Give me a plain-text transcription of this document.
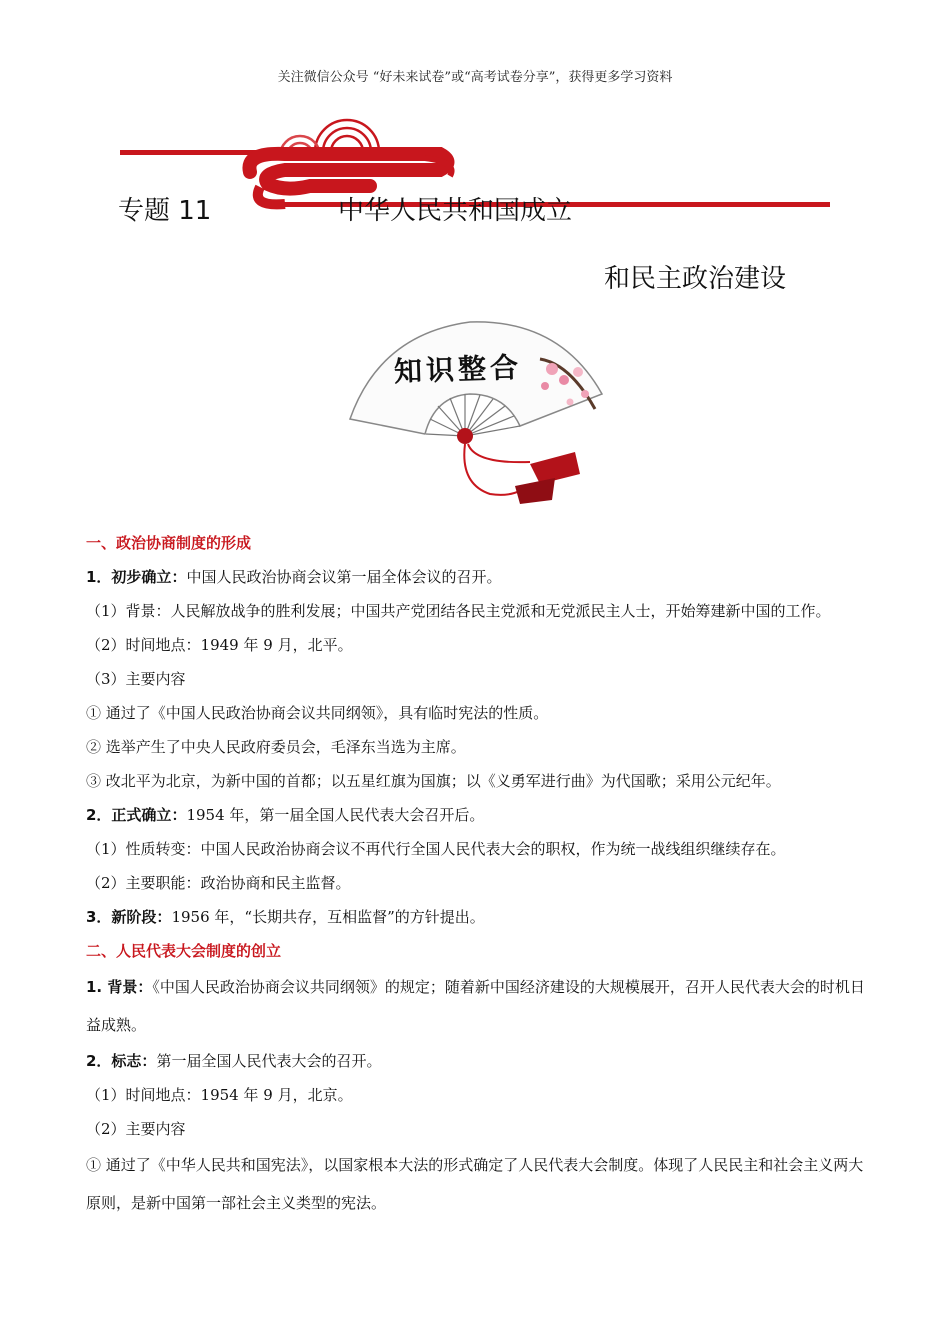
关注微信公众号 “好未来试卷”或“高考试卷分享”，获得更多学习资料
专题 11	中华人民共和国成立
和民主政治建设
知识整合
一、政治协商制度的形成
1．初步确立：中国人民政治协商会议第一届全体会议的召开。
（1）背景：人民解放战争的胜利发展；中国共产党团结各民主党派和无党派民主人士，开始筹建新中国的工作。
（2）时间地点：1949 年 9 月，北平。
（3）主要内容
① 通过了《中国人民政治协商会议共同纲领》，具有临时宪法的性质。
② 选举产生了中央人民政府委员会，毛泽东当选为主席。
③ 改北平为北京，为新中国的首都；以五星红旗为国旗；以《义勇军进行曲》为代国歌；采用公元纪年。
2．正式确立：1954 年，第一届全国人民代表大会召开后。
（1）性质转变：中国人民政治协商会议不再代行全国人民代表大会的职权，作为统一战线组织继续存在。
（2）主要职能：政治协商和民主监督。
3．新阶段：1956 年，“长期共存，互相监督”的方针提出。
二、人民代表大会制度的创立
1. 背景：《中国人民政治协商会议共同纲领》的规定；随着新中国经济建设的大规模展开，召开人民代表大会的时机日益成熟。
2．标志：第一届全国人民代表大会的召开。
（1）时间地点：1954 年 9 月，北京。
（2）主要内容
① 通过了《中华人民共和国宪法》，以国家根本大法的形式确定了人民代表大会制度。体现了人民民主和社会主义两大原则，是新中国第一部社会主义类型的宪法。
